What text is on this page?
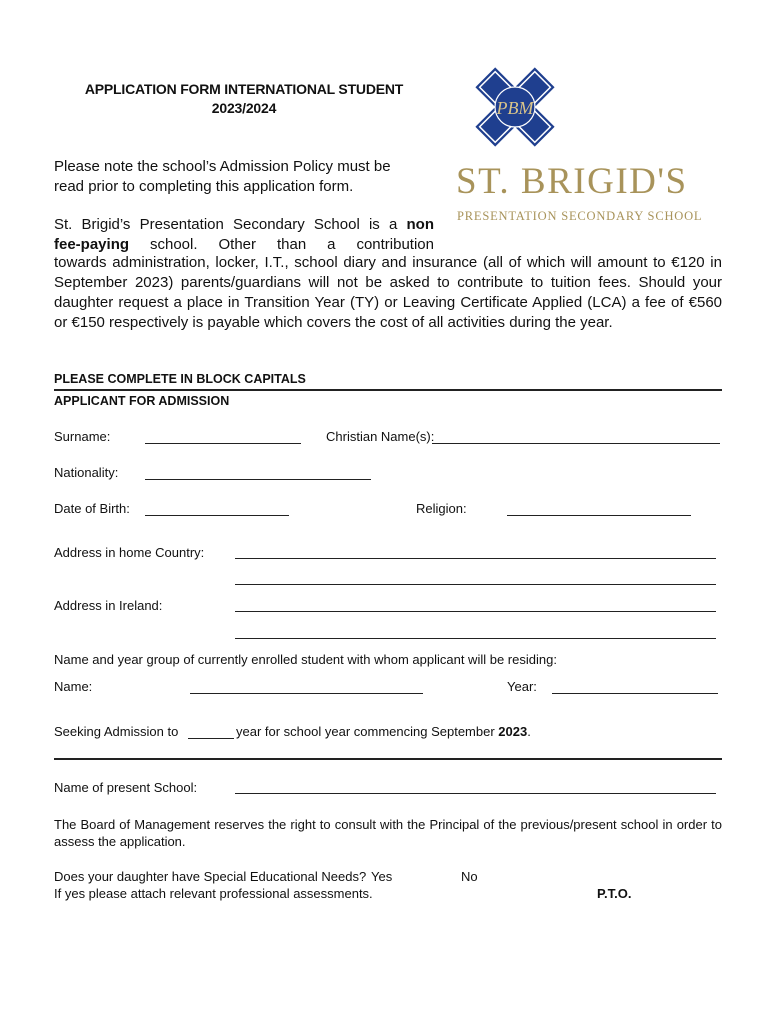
APPLICATION FORM INTERNATIONAL STUDENT
2023/2024	PBM
ST. BRIGID'S
PRESENTATION SECONDARY SCHOOL
Please note the school’s Admission Policy must be
read prior to completing this application form.
St. Brigid’s Presentation Secondary School is a non
fee-paying school. Other than a contribution
towards administration, locker, I.T., school diary and insurance (all of which will amount to €120 in September 2023) parents/guardians will not be asked to contribute to tuition fees. Should your daughter request a place in Transition Year (TY) or Leaving Certificate Applied (LCA) a fee of €560 or €150 respectively is payable which covers the cost of all activities during the year.
PLEASE COMPLETE IN BLOCK CAPITALS
APPLICANT FOR ADMISSION
Surname:	Christian Name(s):
Nationality:
Date of Birth:	Religion:
Address in home Country:
Address in Ireland:
Name and year group of currently enrolled student with whom applicant will be residing:
Name:	Year:
Seeking Admission to	year for school year commencing September 2023.
Name of present School:
The Board of Management reserves the right to consult with the Principal of the previous/present school in order to assess the application.
Does your daughter have Special Educational Needs? Yes	No
If yes please attach relevant professional assessments.	P.T.O.
